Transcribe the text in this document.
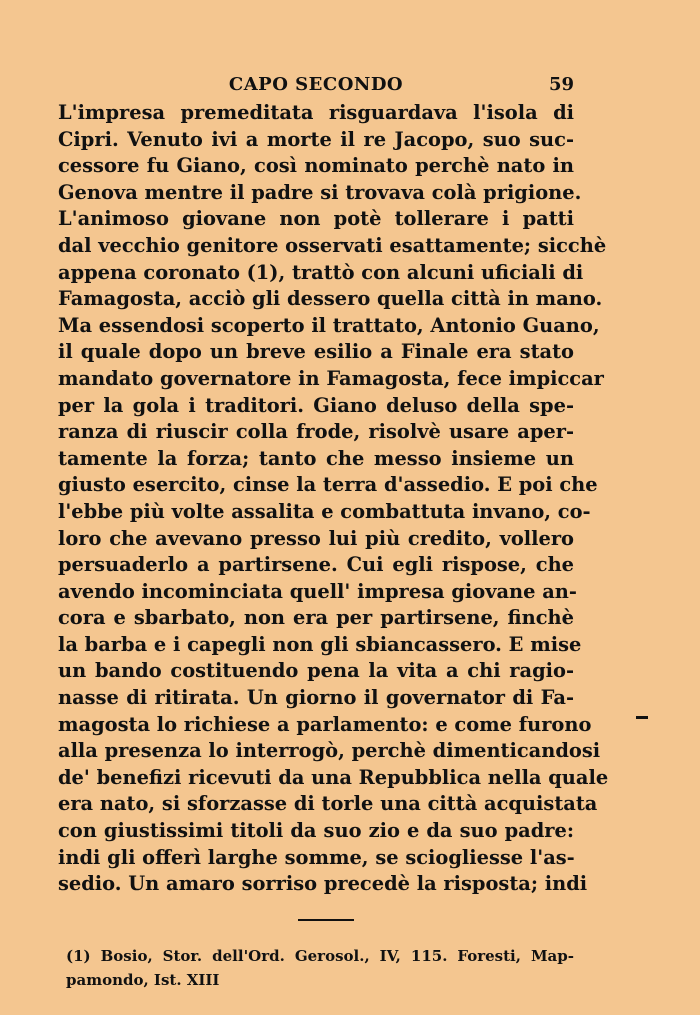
CAPO SECONDO	59
L'impresa premeditata risguardava l'isola di
Cipri. Venuto ivi a morte il re Jacopo, suo suc-
cessore fu Giano, così nominato perchè nato in
Genova mentre il padre si trovava colà prigione.
L'animoso giovane non potè tollerare i patti
dal vecchio genitore osservati esattamente; sicchè
appena coronato (1), trattò con alcuni uficiali di
Famagosta, acciò gli dessero quella città in mano.
Ma essendosi scoperto il trattato, Antonio Guano,
il quale dopo un breve esilio a Finale era stato
mandato governatore in Famagosta, fece impiccar
per la gola i traditori. Giano deluso della spe-
ranza di riuscir colla frode, risolvè usare aper-
tamente la forza; tanto che messo insieme un
giusto esercito, cinse la terra d'assedio. E poi che
l'ebbe più volte assalita e combattuta invano, co-
loro che avevano presso lui più credito, vollero
persuaderlo a partirsene. Cui egli rispose, che
avendo incominciata quell' impresa giovane an-
cora e sbarbato, non era per partirsene, finchè
la barba e i capegli non gli sbiancassero. E mise
un bando costituendo pena la vita a chi ragio-
nasse di ritirata. Un giorno il governator di Fa-
magosta lo richiese a parlamento: e come furono
alla presenza lo interrogò, perchè dimenticandosi
de' benefizi ricevuti da una Repubblica nella quale
era nato, si sforzasse di torle una città acquistata
con giustissimi titoli da suo zio e da suo padre:
indi gli offerì larghe somme, se sciogliesse l'as-
sedio. Un amaro sorriso precedè la risposta; indi
(1) Bosio, Stor. dell'Ord. Gerosol., IV, 115. Foresti, Map-
pamondo, Ist. XIII
